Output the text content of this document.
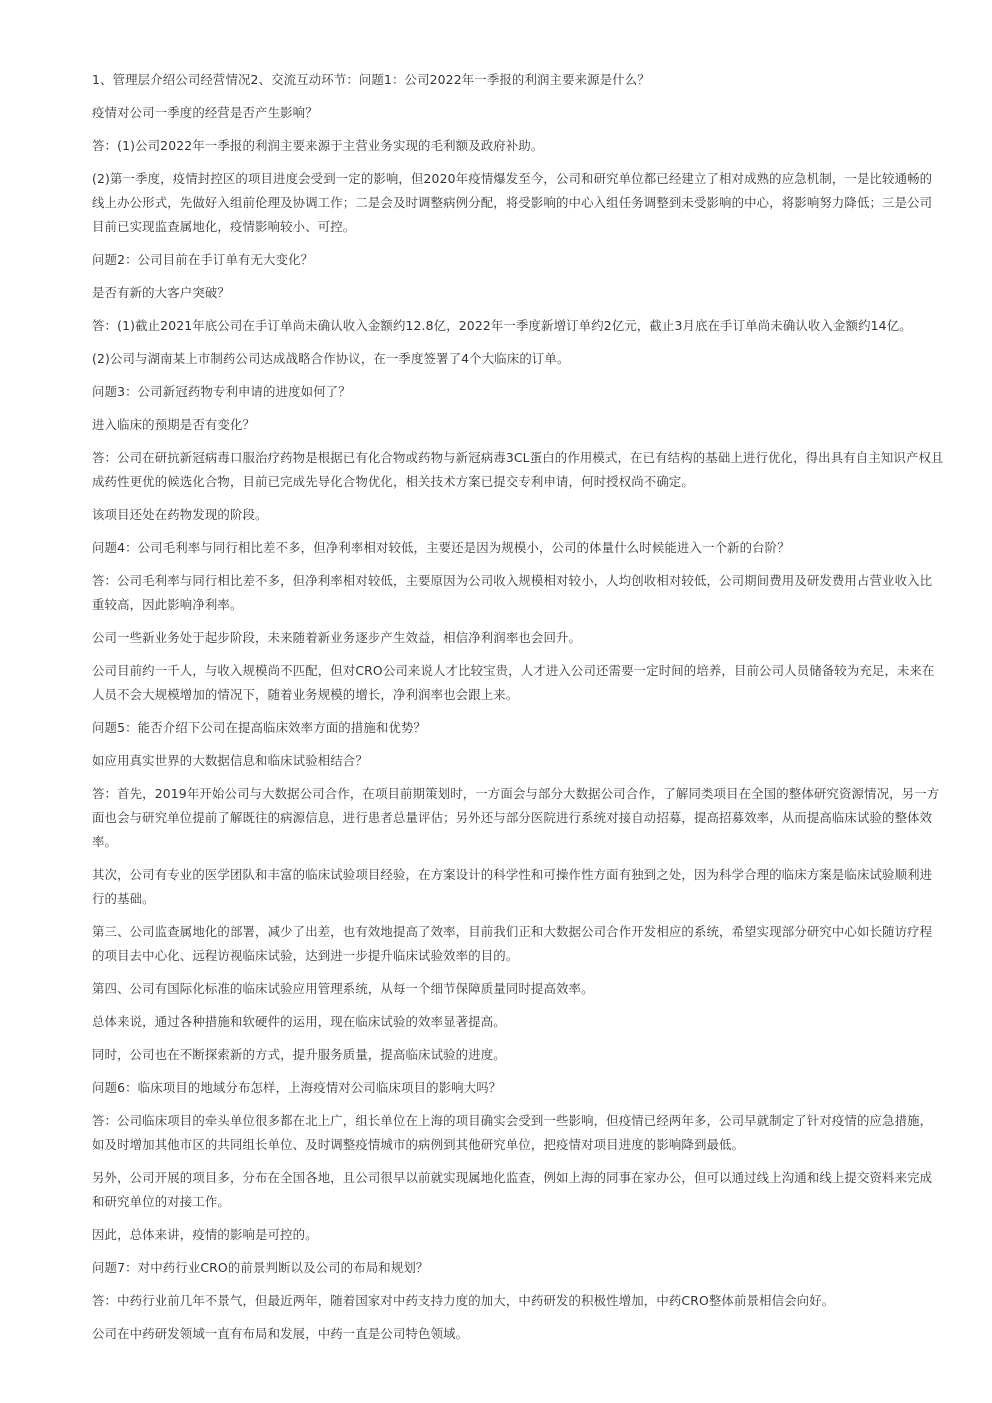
1、管理层介绍公司经营情况2、交流互动环节：问题1：公司2022年一季报的利润主要来源是什么？

疫情对公司一季度的经营是否产生影响？

答：(1)公司2022年一季报的利润主要来源于主营业务实现的毛利额及政府补助。

(2)第一季度，疫情封控区的项目进度会受到一定的影响，但2020年疫情爆发至今，公司和研究单位都已经建立了相对成熟的应急机制，一是比较通畅的线上办公形式，先做好入组前伦理及协调工作；二是会及时调整病例分配，将受影响的中心入组任务调整到未受影响的中心，将影响努力降低；三是公司目前已实现监查属地化，疫情影响较小、可控。

问题2：公司目前在手订单有无大变化？

是否有新的大客户突破？

答：(1)截止2021年底公司在手订单尚未确认收入金额约12.8亿，2022年一季度新增订单约2亿元，截止3月底在手订单尚未确认收入金额约14亿。

(2)公司与湖南某上市制药公司达成战略合作协议，在一季度签署了4个大临床的订单。

问题3：公司新冠药物专利申请的进度如何了？

进入临床的预期是否有变化？

答：公司在研抗新冠病毒口服治疗药物是根据已有化合物或药物与新冠病毒3CL蛋白的作用模式，在已有结构的基础上进行优化，得出具有自主知识产权且成药性更优的候选化合物，目前已完成先导化合物优化，相关技术方案已提交专利申请，何时授权尚不确定。

该项目还处在药物发现的阶段。

问题4：公司毛利率与同行相比差不多，但净利率相对较低，主要还是因为规模小，公司的体量什么时候能进入一个新的台阶？

答：公司毛利率与同行相比差不多，但净利率相对较低，主要原因为公司收入规模相对较小，人均创收相对较低，公司期间费用及研发费用占营业收入比重较高，因此影响净利率。

公司一些新业务处于起步阶段，未来随着新业务逐步产生效益，相信净利润率也会回升。

公司目前约一千人，与收入规模尚不匹配，但对CRO公司来说人才比较宝贵，人才进入公司还需要一定时间的培养，目前公司人员储备较为充足，未来在人员不会大规模增加的情况下，随着业务规模的增长，净利润率也会跟上来。

问题5：能否介绍下公司在提高临床效率方面的措施和优势？

如应用真实世界的大数据信息和临床试验相结合？

答：首先，2019年开始公司与大数据公司合作，在项目前期策划时，一方面会与部分大数据公司合作，了解同类项目在全国的整体研究资源情况，另一方面也会与研究单位提前了解既往的病源信息，进行患者总量评估；另外还与部分医院进行系统对接自动招募，提高招募效率，从而提高临床试验的整体效率。

其次，公司有专业的医学团队和丰富的临床试验项目经验，在方案设计的科学性和可操作性方面有独到之处，因为科学合理的临床方案是临床试验顺利进行的基础。

第三、公司监查属地化的部署，减少了出差，也有效地提高了效率，目前我们正和大数据公司合作开发相应的系统，希望实现部分研究中心如长随访疗程的项目去中心化、远程访视临床试验，达到进一步提升临床试验效率的目的。

第四、公司有国际化标准的临床试验应用管理系统，从每一个细节保障质量同时提高效率。

总体来说，通过各种措施和软硬件的运用，现在临床试验的效率显著提高。

同时，公司也在不断探索新的方式，提升服务质量，提高临床试验的进度。

问题6：临床项目的地域分布怎样，上海疫情对公司临床项目的影响大吗？

答：公司临床项目的牵头单位很多都在北上广，组长单位在上海的项目确实会受到一些影响，但疫情已经两年多，公司早就制定了针对疫情的应急措施，如及时增加其他市区的共同组长单位、及时调整疫情城市的病例到其他研究单位，把疫情对项目进度的影响降到最低。

另外，公司开展的项目多，分布在全国各地，且公司很早以前就实现属地化监查，例如上海的同事在家办公，但可以通过线上沟通和线上提交资料来完成和研究单位的对接工作。

因此，总体来讲，疫情的影响是可控的。

问题7：对中药行业CRO的前景判断以及公司的布局和规划？

答：中药行业前几年不景气，但最近两年，随着国家对中药支持力度的加大，中药研发的积极性增加，中药CRO整体前景相信会向好。

公司在中药研发领域一直有布局和发展，中药一直是公司特色领域。
